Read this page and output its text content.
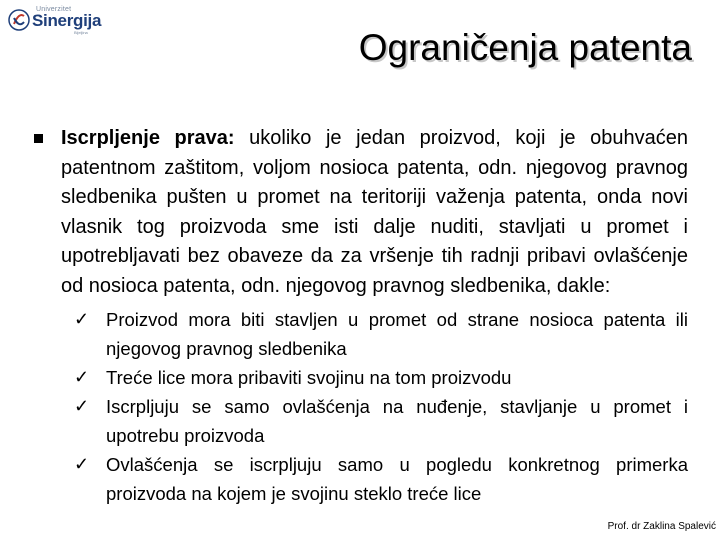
Univerzitet
Sinergija
Bijeljina	Ograničenja patenta
Iscrpljenje prava: ukoliko je jedan proizvod, koji je obuhvaćen patentnom zaštitom, voljom nosioca patenta, odn. njegovog pravnog sledbenika pušten u promet na teritoriji važenja patenta, onda novi vlasnik tog proizvoda sme isti dalje nuditi, stavljati u promet i upotrebljavati bez obaveze da za vršenje tih radnji pribavi ovlašćenje od nosioca patenta, odn. njegovog pravnog sledbenika, dakle:
✓ Proizvod mora biti stavljen u promet od strane nosioca patenta ili njegovog pravnog sledbenika
✓ Treće lice mora pribaviti svojinu na tom proizvodu
✓ Iscrpljuju se samo ovlašćenja na nuđenje, stavljanje u promet i upotrebu proizvoda
✓ Ovlašćenja se iscrpljuju samo u pogledu konkretnog primerka proizvoda na kojem je svojinu steklo treće lice
Prof. dr Zaklina Spalević
